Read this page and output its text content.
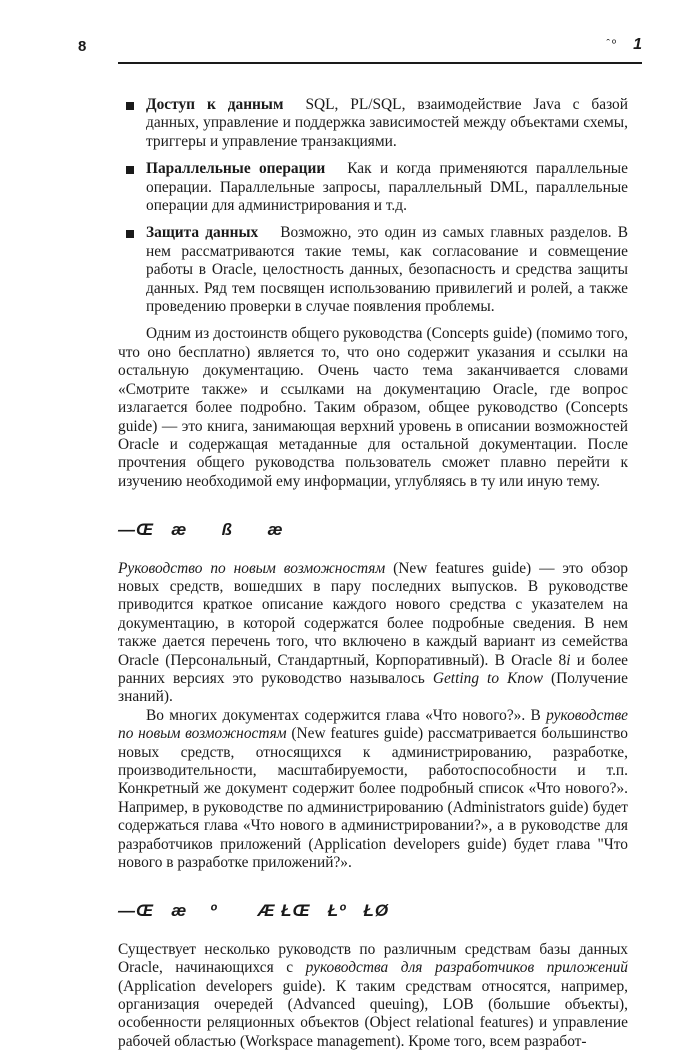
8	ˆº 1
Доступ к данным SQL, PL/SQL, взаимодействие Java с базой данных, управление и поддержка зависимостей между объектами схемы, триггеры и управление транзакциями.
Параллельные операции Как и когда применяются параллельные операции. Параллельные запросы, параллельный DML, параллельные операции для администрирования и т.д.
Защита данных Возможно, это один из самых главных разделов. В нем рассматриваются такие темы, как согласование и совмещение работы в Oracle, целостность данных, безопасность и средства защиты данных. Ряд тем посвящен использованию привилегий и ролей, а также проведению проверки в случае появления проблемы.

Одним из достоинств общего руководства (Concepts guide) (помимо того, что оно бесплатно) является то, что оно содержит указания и ссылки на остальную документацию. Очень часто тема заканчивается словами «Смотрите также» и ссылками на документацию Oracle, где вопрос излагается более подробно. Таким образом, общее руководство (Concepts guide) — это книга, занимающая верхний уровень в описании возможностей Oracle и содержащая метаданные для остальной документации. После прочтения общего руководства пользователь сможет плавно перейти к изучению необходимой ему информации, углубляясь в ту или иную тему.

—Œ   æ      ß      æ

Руководство по новым возможностям (New features guide) — это обзор новых средств, вошедших в пару последних выпусков. В руководстве приводится краткое описание каждого нового средства с указателем на документацию, в которой содержатся более подробные сведения. В нем также дается перечень того, что включено в каждый вариант из семейства Oracle (Персональный, Стандартный, Корпоративный). В Oracle 8i и более ранних версиях это руководство называлось Getting to Know (Получение знаний).

Во многих документах содержится глава «Что нового?». В руководстве по новым возможностям (New features guide) рассматривается большинство новых средств, относящихся к администрированию, разработке, производительности, масштабируемости, работоспособности и т.п. Конкретный же документ содержит более подробный список «Что нового?». Например, в руководстве по администрированию (Administrators guide) будет содержаться глава «Что нового в администрировании?», а в руководстве для разработчиков приложений (Application developers guide) будет глава "Что нового в разработке приложений?».

—Œ   æ    º       Æ ŁŒ   Łº   ŁØ

Существует несколько руководств по различным средствам базы данных Oracle, начинающихся с руководства для разработчиков приложений (Application developers guide). К таким средствам относятся, например, организация очередей (Advanced queuing), LOB (большие объекты), особенности реляционных объектов (Object relational features) и управление рабочей областью (Workspace management). Кроме того, всем разработ-
